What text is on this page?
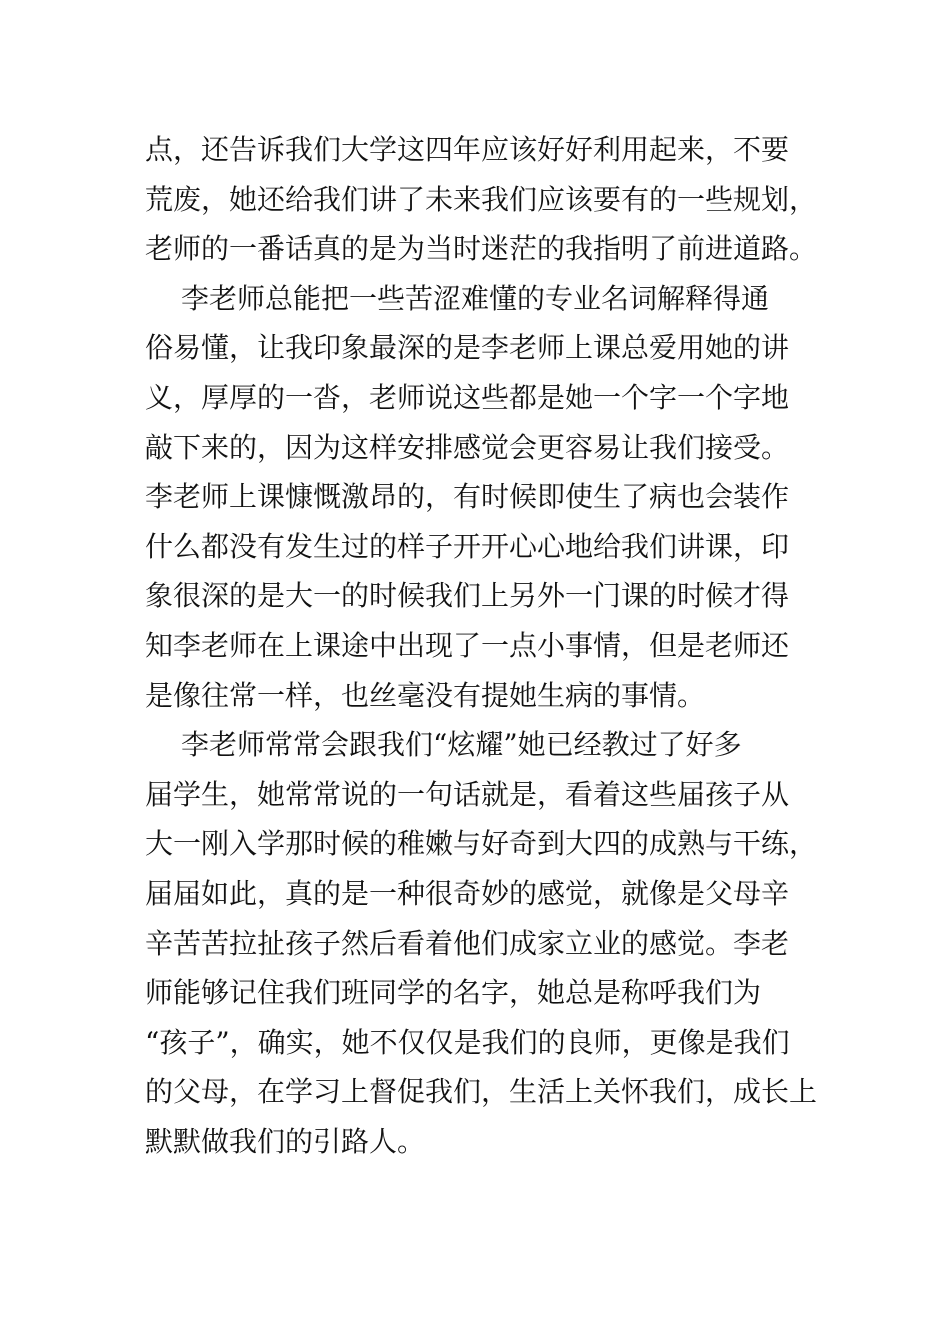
点，还告诉我们大学这四年应该好好利用起来，不要
荒废，她还给我们讲了未来我们应该要有的一些规划，
老师的一番话真的是为当时迷茫的我指明了前进道路。
李老师总能把一些苦涩难懂的专业名词解释得通
俗易懂，让我印象最深的是李老师上课总爱用她的讲
义，厚厚的一沓，老师说这些都是她一个字一个字地
敲下来的，因为这样安排感觉会更容易让我们接受。
李老师上课慷慨激昂的，有时候即使生了病也会装作
什么都没有发生过的样子开开心心地给我们讲课，印
象很深的是大一的时候我们上另外一门课的时候才得
知李老师在上课途中出现了一点小事情，但是老师还
是像往常一样，也丝毫没有提她生病的事情。
李老师常常会跟我们“炫耀”她已经教过了好多
届学生，她常常说的一句话就是，看着这些届孩子从
大一刚入学那时候的稚嫩与好奇到大四的成熟与干练，
届届如此，真的是一种很奇妙的感觉，就像是父母辛
辛苦苦拉扯孩子然后看着他们成家立业的感觉。李老
师能够记住我们班同学的名字，她总是称呼我们为
“孩子”，确实，她不仅仅是我们的良师，更像是我们
的父母，在学习上督促我们，生活上关怀我们，成长上
默默做我们的引路人。
